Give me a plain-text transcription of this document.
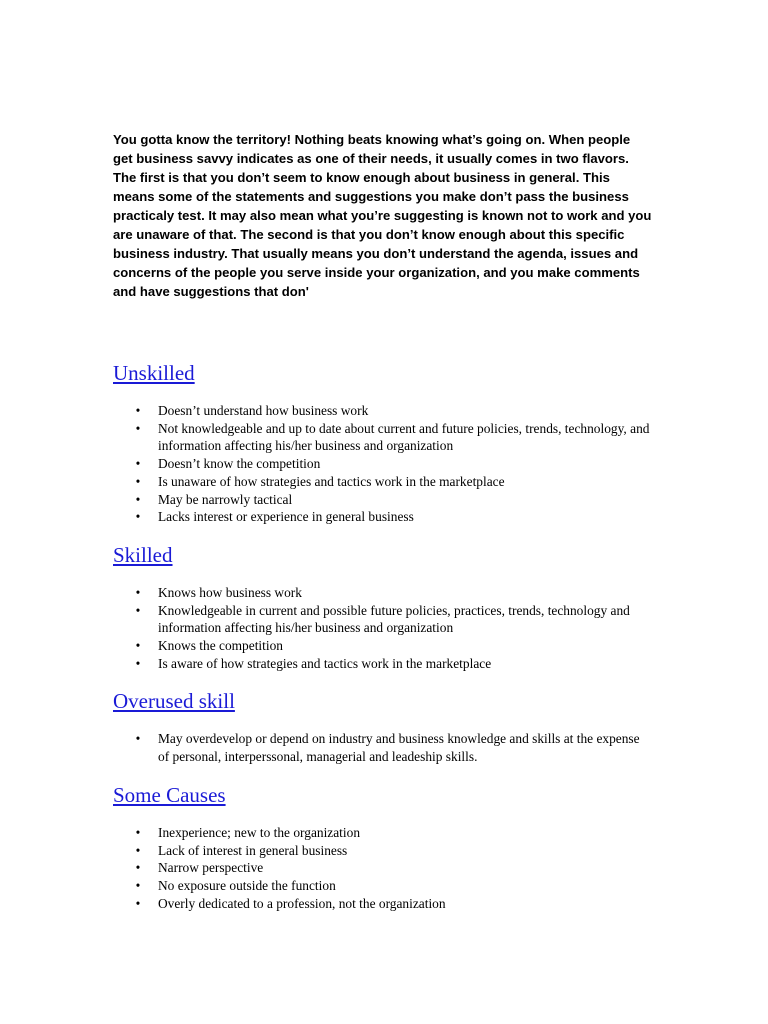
You gotta know the territory! Nothing beats knowing what’s going on. When people get business savvy indicates as one of their needs, it usually comes in two flavors. The first is that you don’t seem to know enough about business in general. This means some of the statements and suggestions you make don’t pass the business practicaly test. It may also mean what you’re suggesting is known not to work and you are unaware of that. The second is that you don’t know enough about this specific business industry. That usually means you don’t understand the agenda, issues and concerns of the people you serve inside your organization, and you make comments and have suggestions that don'

Unskilled
• Doesn’t understand how business work
• Not knowledgeable and up to date about current and future policies, trends, technology, and information affecting his/her business and organization
• Doesn’t know the competition
• Is unaware of how strategies and tactics work in the marketplace
• May be narrowly tactical
• Lacks interest or experience in general business
Skilled
• Knows how business work
• Knowledgeable in current and possible future policies, practices, trends, technology and information affecting his/her business and organization
• Knows the competition
• Is aware of how strategies and tactics work in the marketplace
Overused skill
• May overdevelop or depend on industry and business knowledge and skills at the expense of personal, interperssonal, managerial and leadeship skills.
Some Causes
• Inexperience; new to the organization
• Lack of interest in general business
• Narrow perspective
• No exposure outside the function
• Overly dedicated to a profession, not the organization
